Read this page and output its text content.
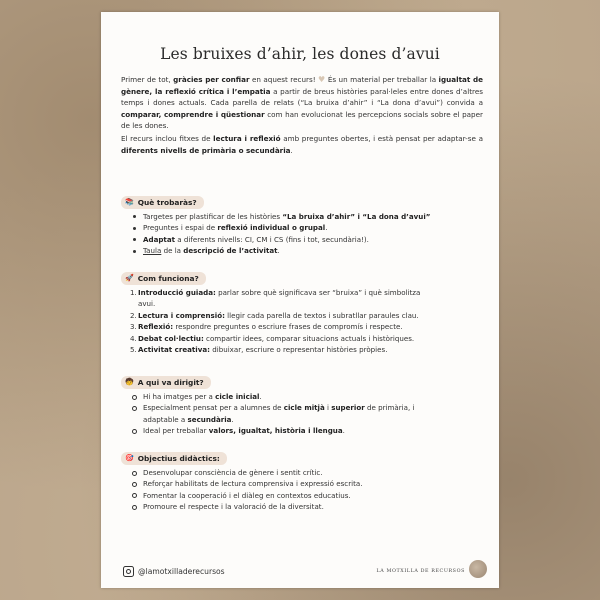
Les bruixes d’ahir, les dones d’avui

Primer de tot, gràcies per confiar en aquest recurs! ♥ És un material per treballar la igualtat de gènere, la reflexió crítica i l’empatia a partir de breus històries paral·leles entre dones d’altres temps i dones actuals. Cada parella de relats (“La bruixa d’ahir” i “La dona d’avui”) convida a comparar, comprendre i qüestionar com han evolucionat les percepcions socials sobre el paper de les dones.

El recurs inclou fitxes de lectura i reflexió amb preguntes obertes, i està pensat per adaptar-se a diferents nivells de primària o secundària.

📚 Què trobaràs?
Targetes per plastificar de les històries “La bruixa d’ahir” i “La dona d’avui”
Preguntes i espai de reflexió individual o grupal.
Adaptat a diferents nivells: CI, CM i CS (fins i tot, secundària!).
Taula de la descripció de l’activitat.
🚀 Com funciona?
1. Introducció guiada: parlar sobre què significava ser “bruixa” i què simbolitza
avui.
2. Lectura i comprensió: llegir cada parella de textos i subratllar paraules clau.
3. Reflexió: respondre preguntes o escriure frases de compromís i respecte.
4. Debat col·lectiu: compartir idees, comparar situacions actuals i històriques.
5. Activitat creativa: dibuixar, escriure o representar històries pròpies.
🧒 A qui va dirigit?
Hi ha imatges per a cicle inicial.
Especialment pensat per a alumnes de cicle mitjà i superior de primària, i
adaptable a secundària.
Ideal per treballar valors, igualtat, història i llengua.
🎯 Objectius didàctics:
Desenvolupar consciència de gènere i sentit crític.
Reforçar habilitats de lectura comprensiva i expressió escrita.
Fomentar la cooperació i el diàleg en contextos educatius.
Promoure el respecte i la valoració de la diversitat.
@lamotxilladerecursos	LA MOTXILLA DE RECURSOS
